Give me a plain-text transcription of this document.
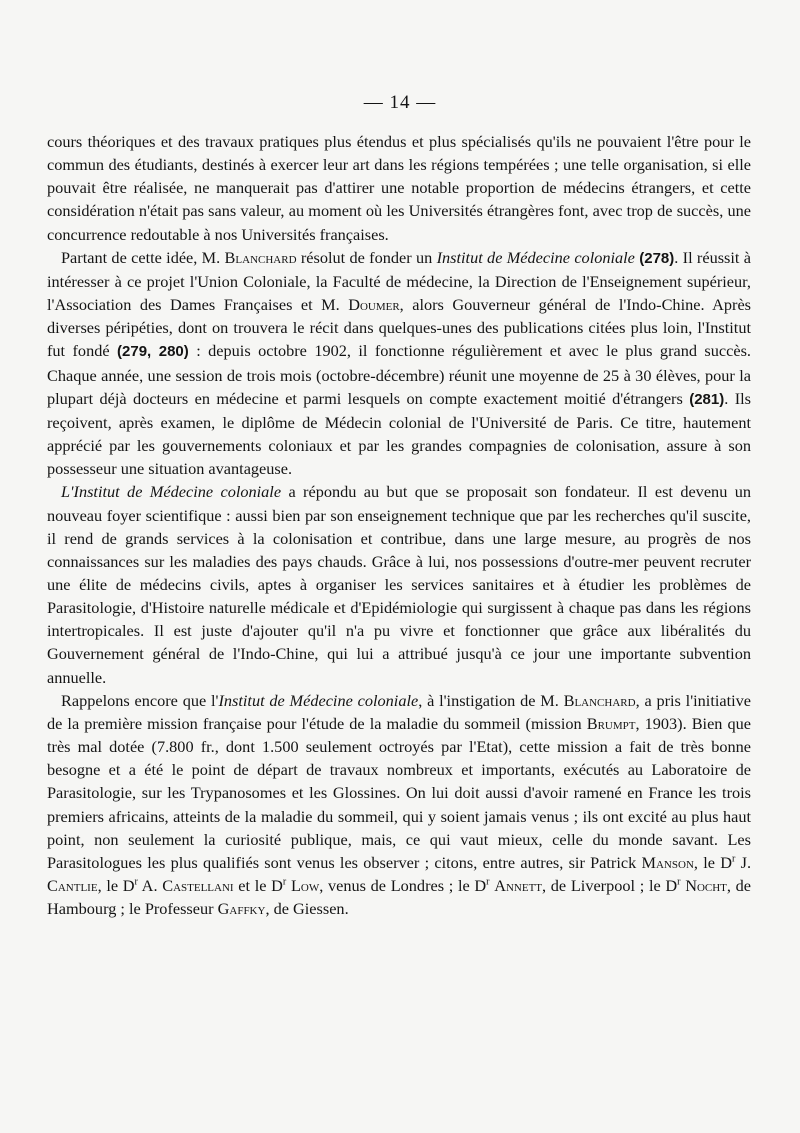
— 14 —

cours théoriques et des travaux pratiques plus étendus et plus spécialisés qu'ils ne pouvaient l'être pour le commun des étudiants, destinés à exercer leur art dans les régions tempérées ; une telle organisation, si elle pouvait être réalisée, ne manquerait pas d'attirer une notable proportion de médecins étrangers, et cette considération n'était pas sans valeur, au moment où les Universités étrangères font, avec trop de succès, une concurrence redoutable à nos Universités françaises.

Partant de cette idée, M. Blanchard résolut de fonder un Institut de Médecine coloniale (278). Il réussit à intéresser à ce projet l'Union Coloniale, la Faculté de médecine, la Direction de l'Enseignement supérieur, l'Association des Dames Françaises et M. Doumer, alors Gouverneur général de l'Indo-Chine. Après diverses péripéties, dont on trouvera le récit dans quelques-unes des publications citées plus loin, l'Institut fut fondé (279, 280) : depuis octobre 1902, il fonctionne régulièrement et avec le plus grand succès. Chaque année, une session de trois mois (octobre-décembre) réunit une moyenne de 25 à 30 élèves, pour la plupart déjà docteurs en médecine et parmi lesquels on compte exactement moitié d'étrangers (281). Ils reçoivent, après examen, le diplôme de Médecin colonial de l'Université de Paris. Ce titre, hautement apprécié par les gouvernements coloniaux et par les grandes compagnies de colonisation, assure à son possesseur une situation avantageuse.

L'Institut de Médecine coloniale a répondu au but que se proposait son fondateur. Il est devenu un nouveau foyer scientifique : aussi bien par son enseignement technique que par les recherches qu'il suscite, il rend de grands services à la colonisation et contribue, dans une large mesure, au progrès de nos connaissances sur les maladies des pays chauds. Grâce à lui, nos possessions d'outre-mer peuvent recruter une élite de médecins civils, aptes à organiser les services sanitaires et à étudier les problèmes de Parasitologie, d'Histoire naturelle médicale et d'Epidémiologie qui surgissent à chaque pas dans les régions intertropicales. Il est juste d'ajouter qu'il n'a pu vivre et fonctionner que grâce aux libéralités du Gouvernement général de l'Indo-Chine, qui lui a attribué jusqu'à ce jour une importante subvention annuelle.

Rappelons encore que l'Institut de Médecine coloniale, à l'instigation de M. Blanchard, a pris l'initiative de la première mission française pour l'étude de la maladie du sommeil (mission Brumpt, 1903). Bien que très mal dotée (7.800 fr., dont 1.500 seulement octroyés par l'Etat), cette mission a fait de très bonne besogne et a été le point de départ de travaux nombreux et importants, exécutés au Laboratoire de Parasitologie, sur les Trypanosomes et les Glossines. On lui doit aussi d'avoir ramené en France les trois premiers africains, atteints de la maladie du sommeil, qui y soient jamais venus ; ils ont excité au plus haut point, non seulement la curiosité publique, mais, ce qui vaut mieux, celle du monde savant. Les Parasitologues les plus qualifiés sont venus les observer ; citons, entre autres, sir Patrick Manson, le $D^r$ J. Cantlie, le $D^r$ A. Castellani et le $D^r$ Low, venus de Londres ; le $D^r$ Annett, de Liverpool ; le $D^r$ Nocht, de Hambourg ; le Professeur Gaffky, de Giessen.
